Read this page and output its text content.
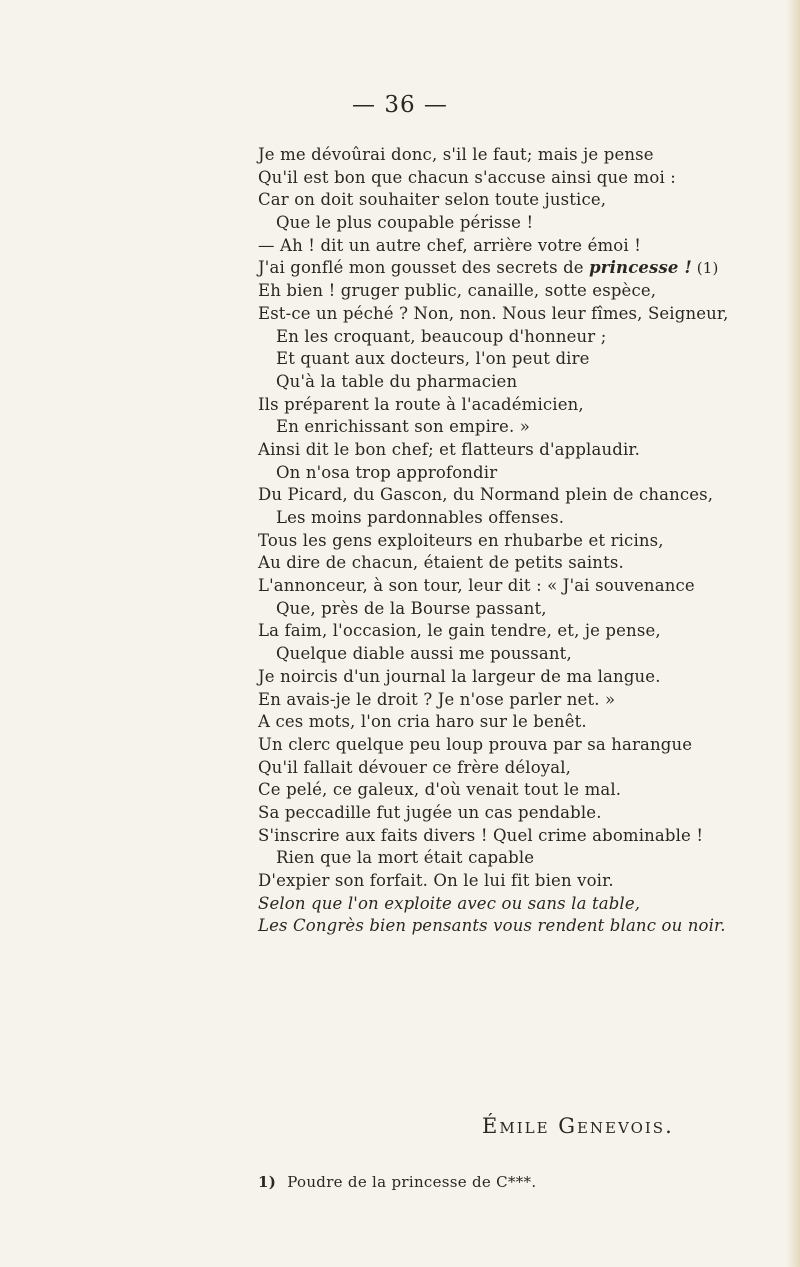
— 36 —
Je me dévoûrai donc, s'il le faut; mais je pense
Qu'il est bon que chacun s'accuse ainsi que moi :
Car on doit souhaiter selon toute justice,
Que le plus coupable périsse !
— Ah ! dit un autre chef, arrière votre émoi !
J'ai gonflé mon gousset des secrets de princesse ! (1)
Eh bien ! gruger public, canaille, sotte espèce,
Est-ce un péché ? Non, non. Nous leur fîmes, Seigneur,
En les croquant, beaucoup d'honneur ;
Et quant aux docteurs, l'on peut dire
Qu'à la table du pharmacien
Ils préparent la route à l'académicien,
En enrichissant son empire. »
Ainsi dit le bon chef; et flatteurs d'applaudir.
On n'osa trop approfondir
Du Picard, du Gascon, du Normand plein de chances,
Les moins pardonnables offenses.
Tous les gens exploiteurs en rhubarbe et ricins,
Au dire de chacun, étaient de petits saints.
L'annonceur, à son tour, leur dit : « J'ai souvenance
Que, près de la Bourse passant,
La faim, l'occasion, le gain tendre, et, je pense,
Quelque diable aussi me poussant,
Je noircis d'un journal la largeur de ma langue.
En avais-je le droit ? Je n'ose parler net. »
A ces mots, l'on cria haro sur le benêt.
Un clerc quelque peu loup prouva par sa harangue
Qu'il fallait dévouer ce frère déloyal,
Ce pelé, ce galeux, d'où venait tout le mal.
Sa peccadille fut jugée un cas pendable.
S'inscrire aux faits divers ! Quel crime abominable !
Rien que la mort était capable
D'expier son forfait. On le lui fit bien voir.
Selon que l'on exploite avec ou sans la table,
Les Congrès bien pensants vous rendent blanc ou noir.
Émile Genevois.
1) Poudre de la princesse de C***.
